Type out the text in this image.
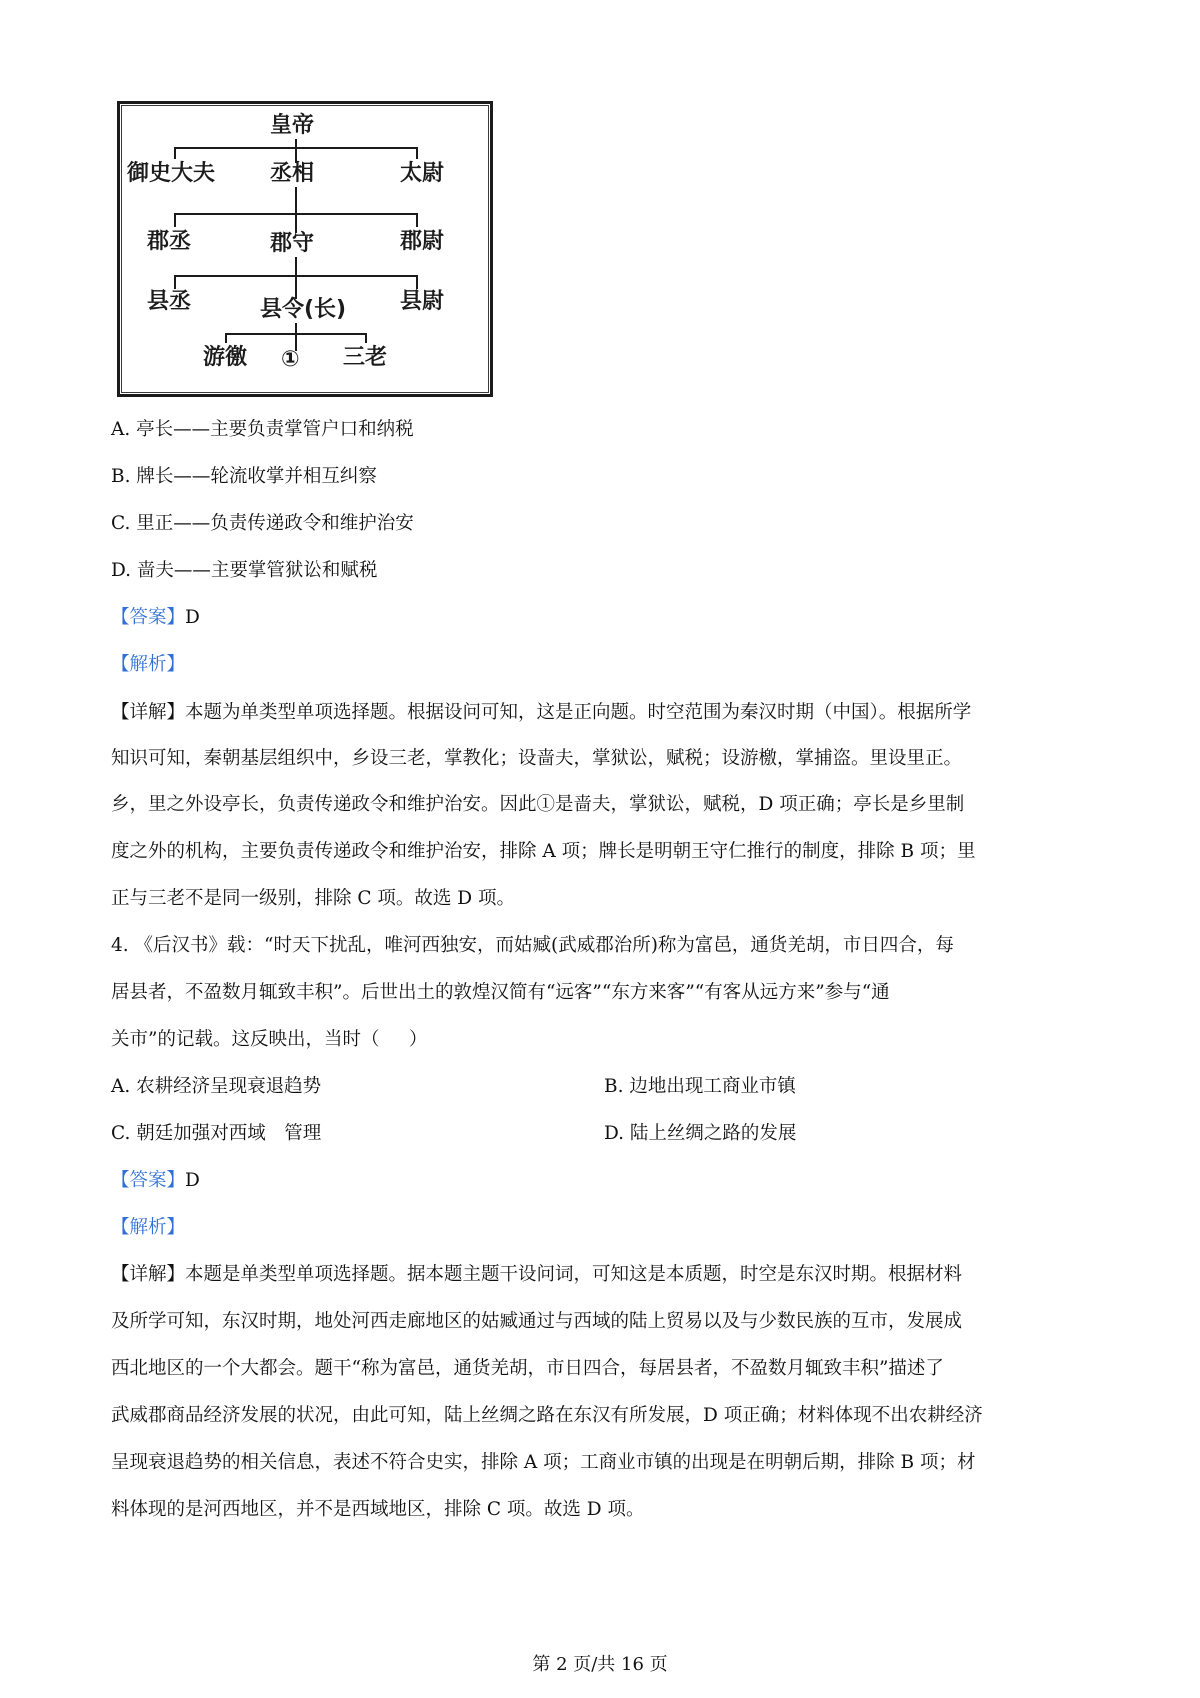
皇帝
御史大夫 丞相	太尉
郡丞	郡守	郡尉
县丞	县令(长) 县尉
游徼 ① 三老

A. 亭长——主要负责掌管户口和纳税

B. 牌长——轮流收掌并相互纠察

C. 里正——负责传递政令和维护治安

D. 啬夫——主要掌管狱讼和赋税

【答案】D

【解析】

【详解】本题为单类型单项选择题。根据设问可知，这是正向题。时空范围为秦汉时期（中国）。根据所学

知识可知，秦朝基层组织中，乡设三老，掌教化；设啬夫，掌狱讼，赋税；设游檄，掌捕盗。里设里正。

乡，里之外设亭长，负责传递政令和维护治安。因此①是啬夫，掌狱讼，赋税，D 项正确；亭长是乡里制

度之外的机构，主要负责传递政令和维护治安，排除 A 项；牌长是明朝王守仁推行的制度，排除 B 项；里

正与三老不是同一级别，排除 C 项。故选 D 项。

4. 《后汉书》载：“时天下扰乱，唯河西独安，而姑臧(武威郡治所)称为富邑，通货羌胡，市日四合，每

居县者，不盈数月辄致丰积”。后世出土的敦煌汉简有“远客”“东方来客”“有客从远方来”参与“通

关市”的记载。这反映出，当时（     ）

A. 农耕经济呈现衰退趋势	B. 边地出现工商业市镇

C. 朝廷加强对西域　管理	D. 陆上丝绸之路的发展

【答案】D

【解析】

【详解】本题是单类型单项选择题。据本题主题干设问词，可知这是本质题，时空是东汉时期。根据材料

及所学可知，东汉时期，地处河西走廊地区的姑臧通过与西域的陆上贸易以及与少数民族的互市，发展成

西北地区的一个大都会。题干“称为富邑，通货羌胡，市日四合，每居县者，不盈数月辄致丰积”描述了

武威郡商品经济发展的状况，由此可知，陆上丝绸之路在东汉有所发展，D 项正确；材料体现不出农耕经济

呈现衰退趋势的相关信息，表述不符合史实，排除 A 项；工商业市镇的出现是在明朝后期，排除 B 项；材

料体现的是河西地区，并不是西域地区，排除 C 项。故选 D 项。

第 2 页/共 16 页
